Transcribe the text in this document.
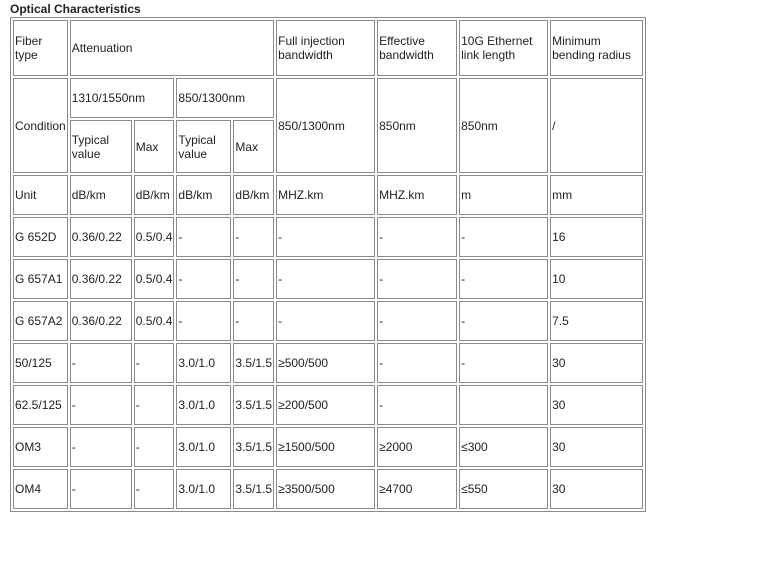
Optical Characteristics
Fiber type	Attenuation				Full injection bandwidth	Effective bandwidth	10G Ethernet link length	Minimum bending radius
Condition	1310/1550nm		850/1300nm		850/1300nm	850nm	850nm	/
	Typical value	Max	Typical value	Max				
Unit	dB/km	dB/km	dB/km	dB/km	MHZ.km	MHZ.km	m	mm
G 652D	0.36/0.22	0.5/0.4	-	-	-	-	-	16
G 657A1	0.36/0.22	0.5/0.4	-	-	-	-	-	10
G 657A2	0.36/0.22	0.5/0.4	-	-	-	-	-	7.5
50/125	-	-	3.0/1.0	3.5/1.5	≥500/500	-	-	30
62.5/125	-	-	3.0/1.0	3.5/1.5	≥200/500	-		30
OM3	-	-	3.0/1.0	3.5/1.5	≥1500/500	≥2000	≤300	30
OM4	-	-	3.0/1.0	3.5/1.5	≥3500/500	≥4700	≤550	30
